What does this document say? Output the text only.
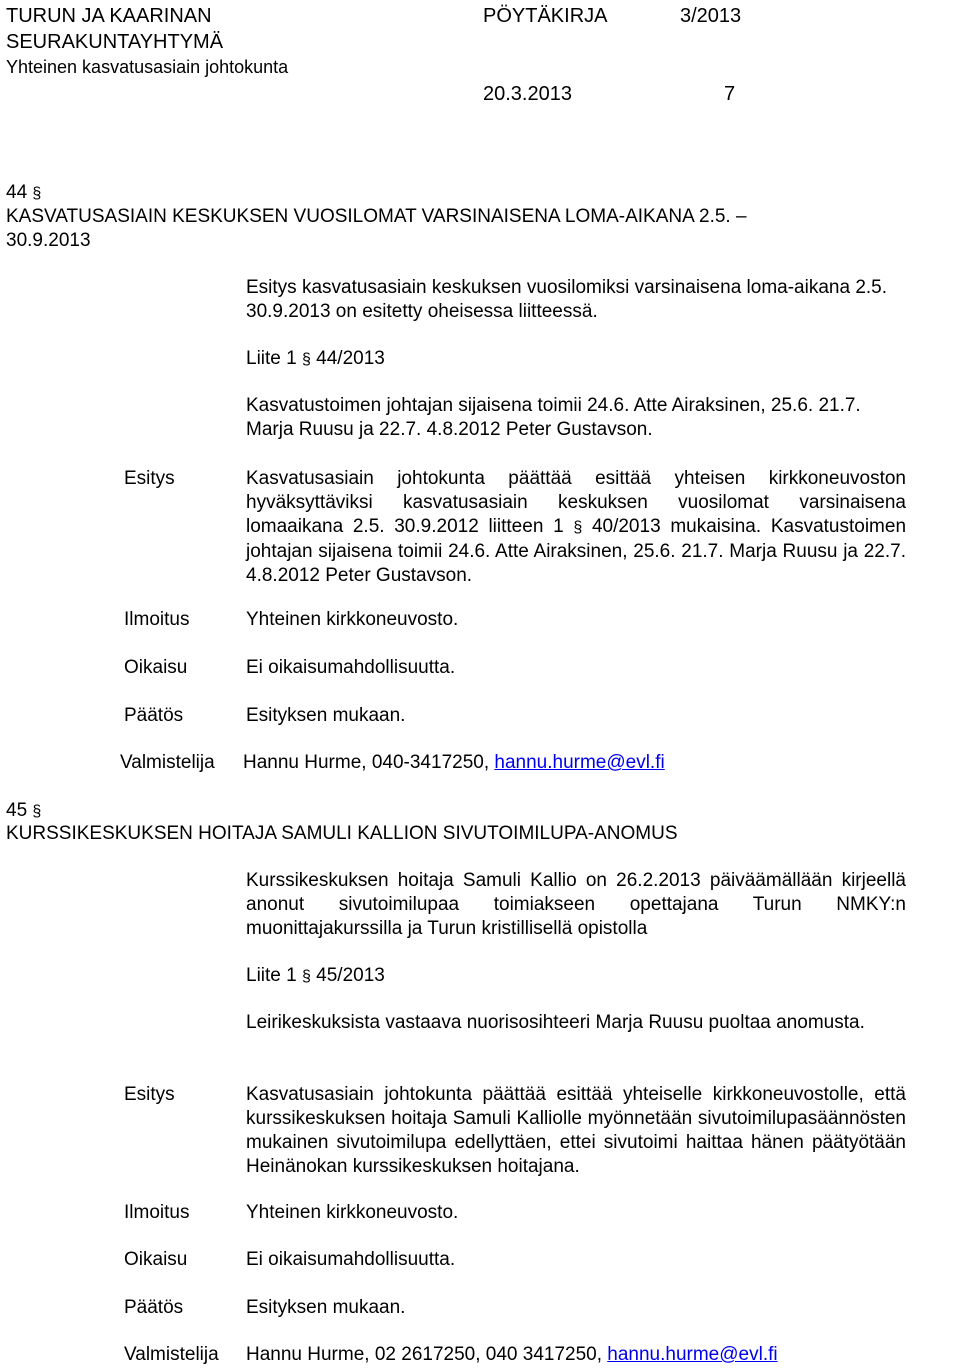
TURUN JA KAARINAN
SEURAKUNTAYHTYMÄ
Yhteinen kasvatusasiain johtokunta
PÖYTÄKIRJA	3/2013
20.3.2013	7
44 §
KASVATUSASIAIN KESKUKSEN VUOSILOMAT VARSINAISENA LOMA-AIKANA 2.5. –
30.9.2013
Esitys kasvatusasiain keskuksen vuosilomiksi varsinaisena loma-aikana 2.5. 30.9.2013 on esitetty oheisessa liitteessä.
Liite 1 § 44/2013
Kasvatustoimen johtajan sijaisena toimii 24.6. Atte Airaksinen, 25.6. 21.7. Marja Ruusu ja 22.7. 4.8.2012 Peter Gustavson.
Esitys	Kasvatusasiain johtokunta päättää esittää yhteisen kirkkoneuvoston hyväksyttäviksi kasvatusasiain keskuksen vuosilomat varsinaisena lomaaikana 2.5. 30.9.2012 liitteen 1 § 40/2013 mukaisina. Kasvatustoimen johtajan sijaisena toimii 24.6. Atte Airaksinen, 25.6. 21.7. Marja Ruusu ja 22.7. 4.8.2012 Peter Gustavson.
Ilmoitus	Yhteinen kirkkoneuvosto.
Oikaisu	Ei oikaisumahdollisuutta.
Päätös	Esityksen mukaan.
Valmistelija Hannu Hurme, 040-3417250, hannu.hurme@evl.fi
45 §
KURSSIKESKUKSEN HOITAJA SAMULI KALLION SIVUTOIMILUPA-ANOMUS
Kurssikeskuksen hoitaja Samuli Kallio on 26.2.2013 päiväämällään kirjeellä anonut sivutoimilupaa toimiakseen opettajana Turun NMKY:n muonittajakurssilla ja Turun kristillisellä opistolla
Liite 1 § 45/2013
Leirikeskuksista vastaava nuorisosihteeri Marja Ruusu puoltaa anomusta.
Esitys	Kasvatusasiain johtokunta päättää esittää yhteiselle kirkkoneuvostolle, että kurssikeskuksen hoitaja Samuli Kalliolle myönnetään sivutoimilupasäännösten mukainen sivutoimilupa edellyttäen, ettei sivutoimi haittaa hänen päätyötään Heinänokan kurssikeskuksen hoitajana.
Ilmoitus	Yhteinen kirkkoneuvosto.
Oikaisu	Ei oikaisumahdollisuutta.
Päätös	Esityksen mukaan.
Valmistelija Hannu Hurme, 02 2617250, 040 3417250, hannu.hurme@evl.fi
